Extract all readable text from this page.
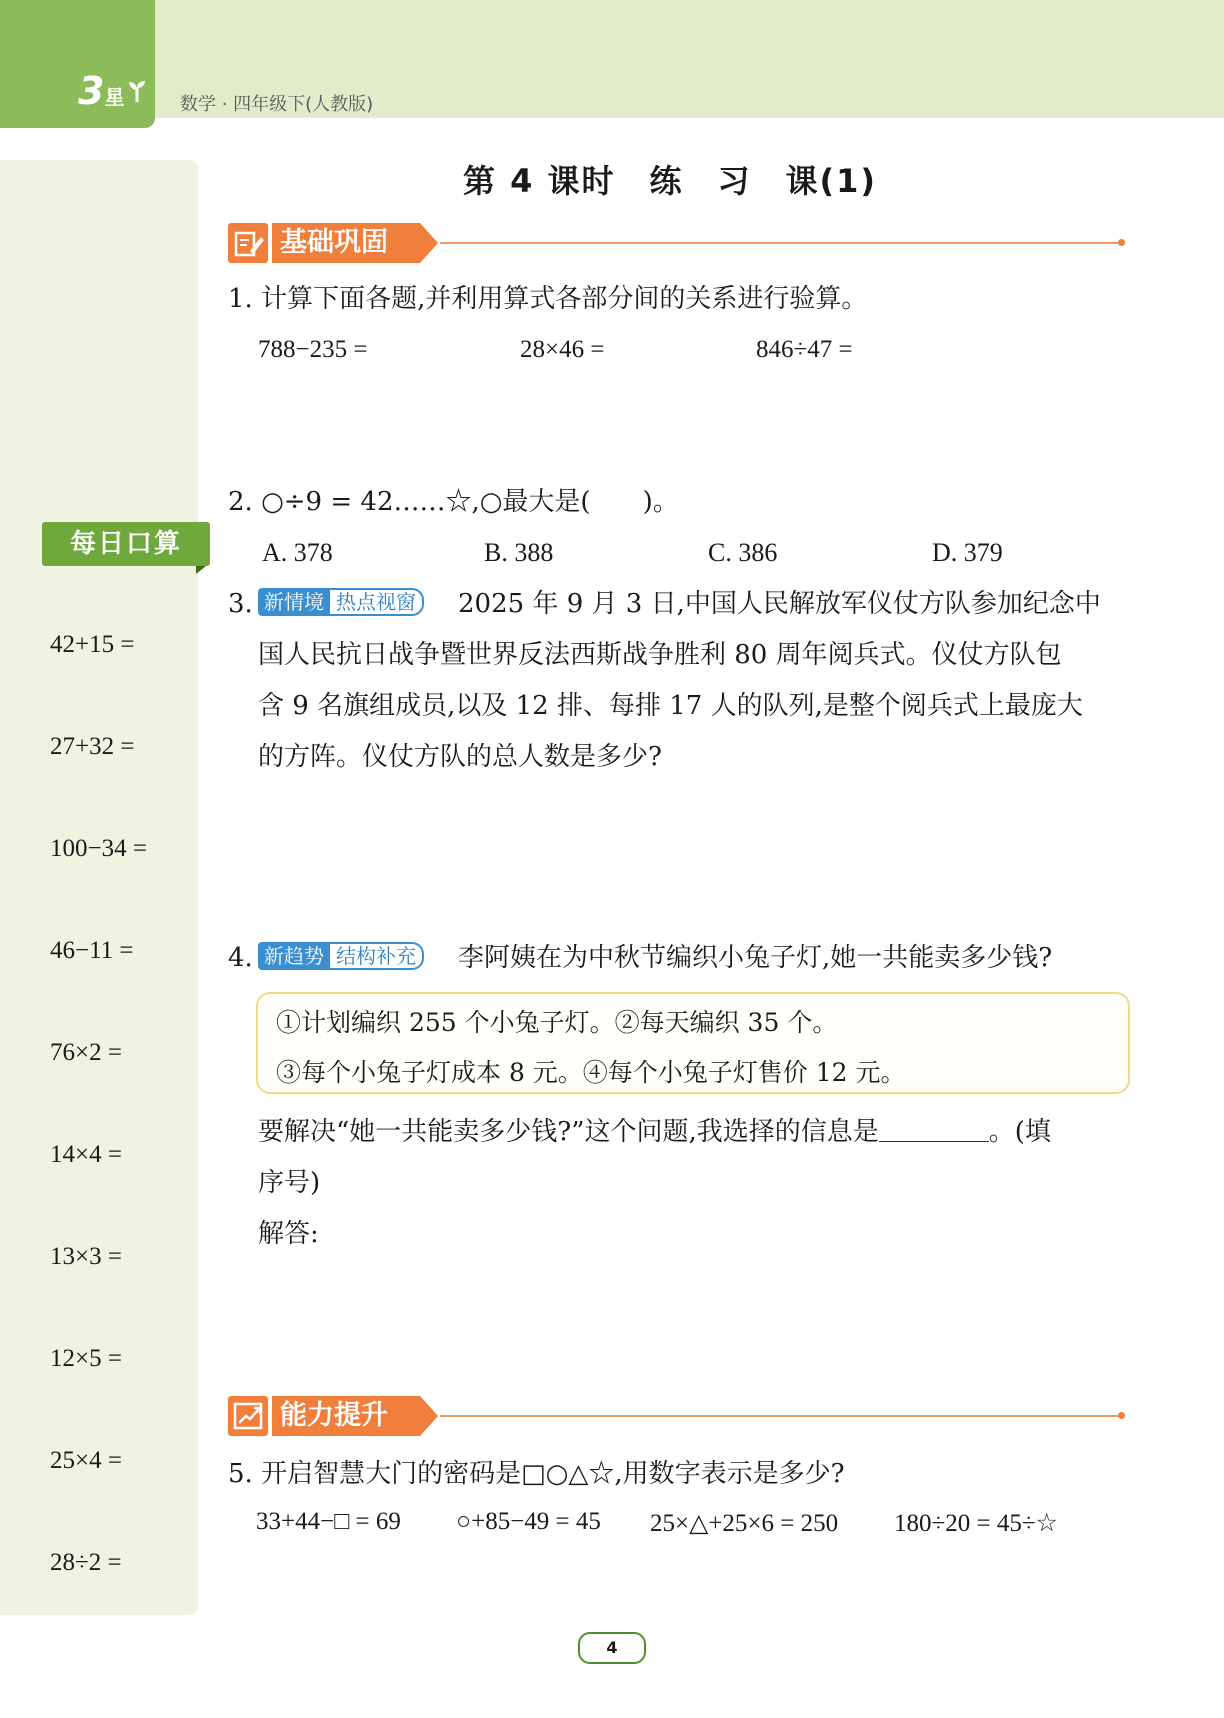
3星	数学 · 四年级下(人教版)
每日口算
42+15 =
27+32 =
100−34 =
46−11 =
76×2 =
14×4 =
13×3 =
12×5 =
25×4 =
28÷2 =
第 4 课时　练　习　课(1)
基础巩固
1. 计算下面各题,并利用算式各部分间的关系进行验算。
788−235 =	28×46 =	846÷47 =
2. ○÷9 = 42……☆,○最大是(　　)。
A. 378	B. 388	C. 386	D. 379
3. 新情境 热点视窗	2025 年 9 月 3 日,中国人民解放军仪仗方队参加纪念中
国人民抗日战争暨世界反法西斯战争胜利 80 周年阅兵式。仪仗方队包
含 9 名旗组成员,以及 12 排、每排 17 人的队列,是整个阅兵式上最庞大
的方阵。仪仗方队的总人数是多少?
4. 新趋势 结构补充	李阿姨在为中秋节编织小兔子灯,她一共能卖多少钱?
①计划编织 255 个小兔子灯。②每天编织 35 个。
③每个小兔子灯成本 8 元。④每个小兔子灯售价 12 元。
要解决“她一共能卖多少钱?”这个问题,我选择的信息是	。(填
序号)
解答:
能力提升
5. 开启智慧大门的密码是□○△☆,用数字表示是多少?
33+44−□ = 69 ○+85−49 = 45 25×△+25×6 = 250 180÷20 = 45÷☆
4
